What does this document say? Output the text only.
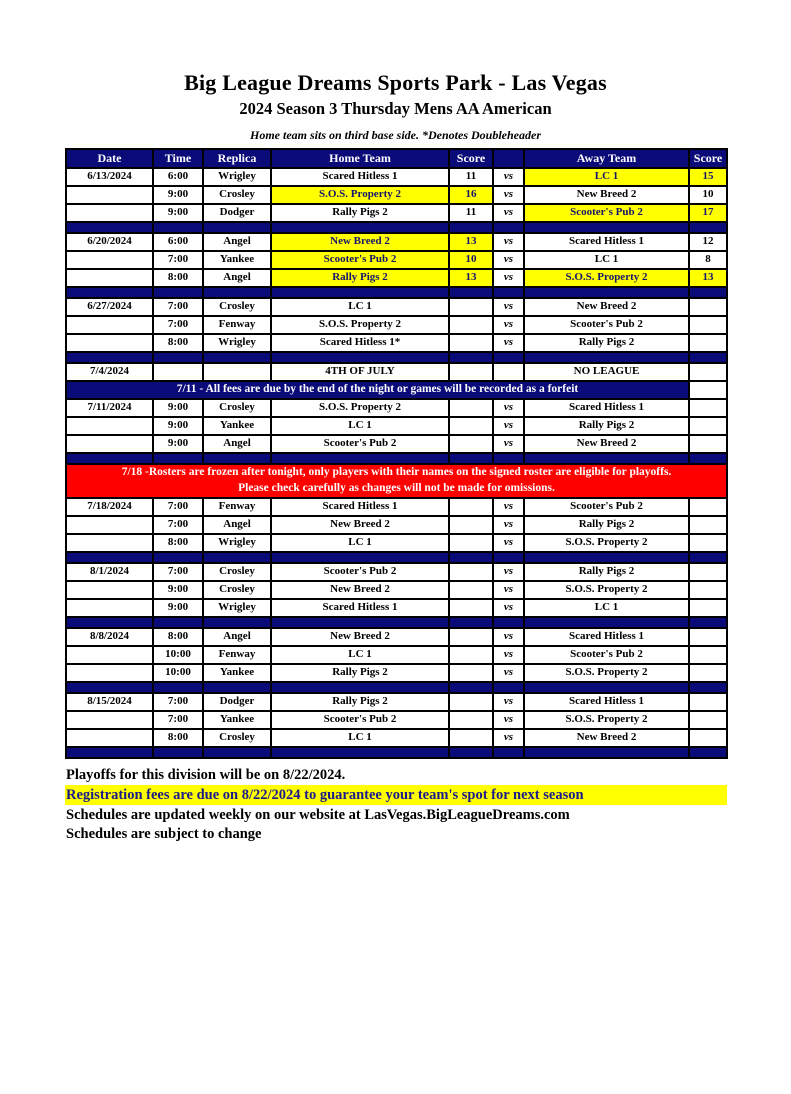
Big League Dreams Sports Park - Las Vegas
2024 Season 3 Thursday Mens AA American
Home team sits on third base side. *Denotes Doubleheader
Date	Time	Replica	Home Team	Score		Away Team	Score
6/13/2024	6:00	Wrigley	Scared Hitless 1	11	vs	LC 1	15
	9:00	Crosley	S.O.S. Property 2	16	vs	New Breed 2	10
	9:00	Dodger	Rally Pigs 2	11	vs	Scooter's Pub 2	17

6/20/2024	6:00	Angel	New Breed 2	13	vs	Scared Hitless 1	12
	7:00	Yankee	Scooter's Pub 2	10	vs	LC 1	8
	8:00	Angel	Rally Pigs 2	13	vs	S.O.S. Property 2	13

6/27/2024	7:00	Crosley	LC 1		vs	New Breed 2	
	7:00	Fenway	S.O.S. Property 2		vs	Scooter's Pub 2	
	8:00	Wrigley	Scared Hitless 1*		vs	Rally Pigs 2	

7/4/2024			4TH OF JULY			NO LEAGUE	
7/11 - All fees are due by the end of the night or games will be recorded as a forfeit							
7/11/2024	9:00	Crosley	S.O.S. Property 2		vs	Scared Hitless 1	
	9:00	Yankee	LC 1		vs	Rally Pigs 2	
	9:00	Angel	Scooter's Pub 2		vs	New Breed 2	

7/18 -Rosters are frozen after tonight, only players with their names on the signed roster are eligible for playoffs.
Please check carefully as changes will not be made for omissions.							

7/18/2024	7:00	Fenway	Scared Hitless 1		vs	Scooter's Pub 2	
	7:00	Angel	New Breed 2		vs	Rally Pigs 2	
	8:00	Wrigley	LC 1		vs	S.O.S. Property 2	

8/1/2024	7:00	Crosley	Scooter's Pub 2		vs	Rally Pigs 2	
	9:00	Crosley	New Breed 2		vs	S.O.S. Property 2	
	9:00	Wrigley	Scared Hitless 1		vs	LC 1	

8/8/2024	8:00	Angel	New Breed 2		vs	Scared Hitless 1	
	10:00	Fenway	LC 1		vs	Scooter's Pub 2	
	10:00	Yankee	Rally Pigs 2		vs	S.O.S. Property 2	

8/15/2024	7:00	Dodger	Rally Pigs 2		vs	Scared Hitless 1	
	7:00	Yankee	Scooter's Pub 2		vs	S.O.S. Property 2	
	8:00	Crosley	LC 1		vs	New Breed 2	

Playoffs for this division will be on 8/22/2024.
Registration fees are due on 8/22/2024 to guarantee your team's spot for next season
Schedules are updated weekly on our website at LasVegas.BigLeagueDreams.com
Schedules are subject to change
